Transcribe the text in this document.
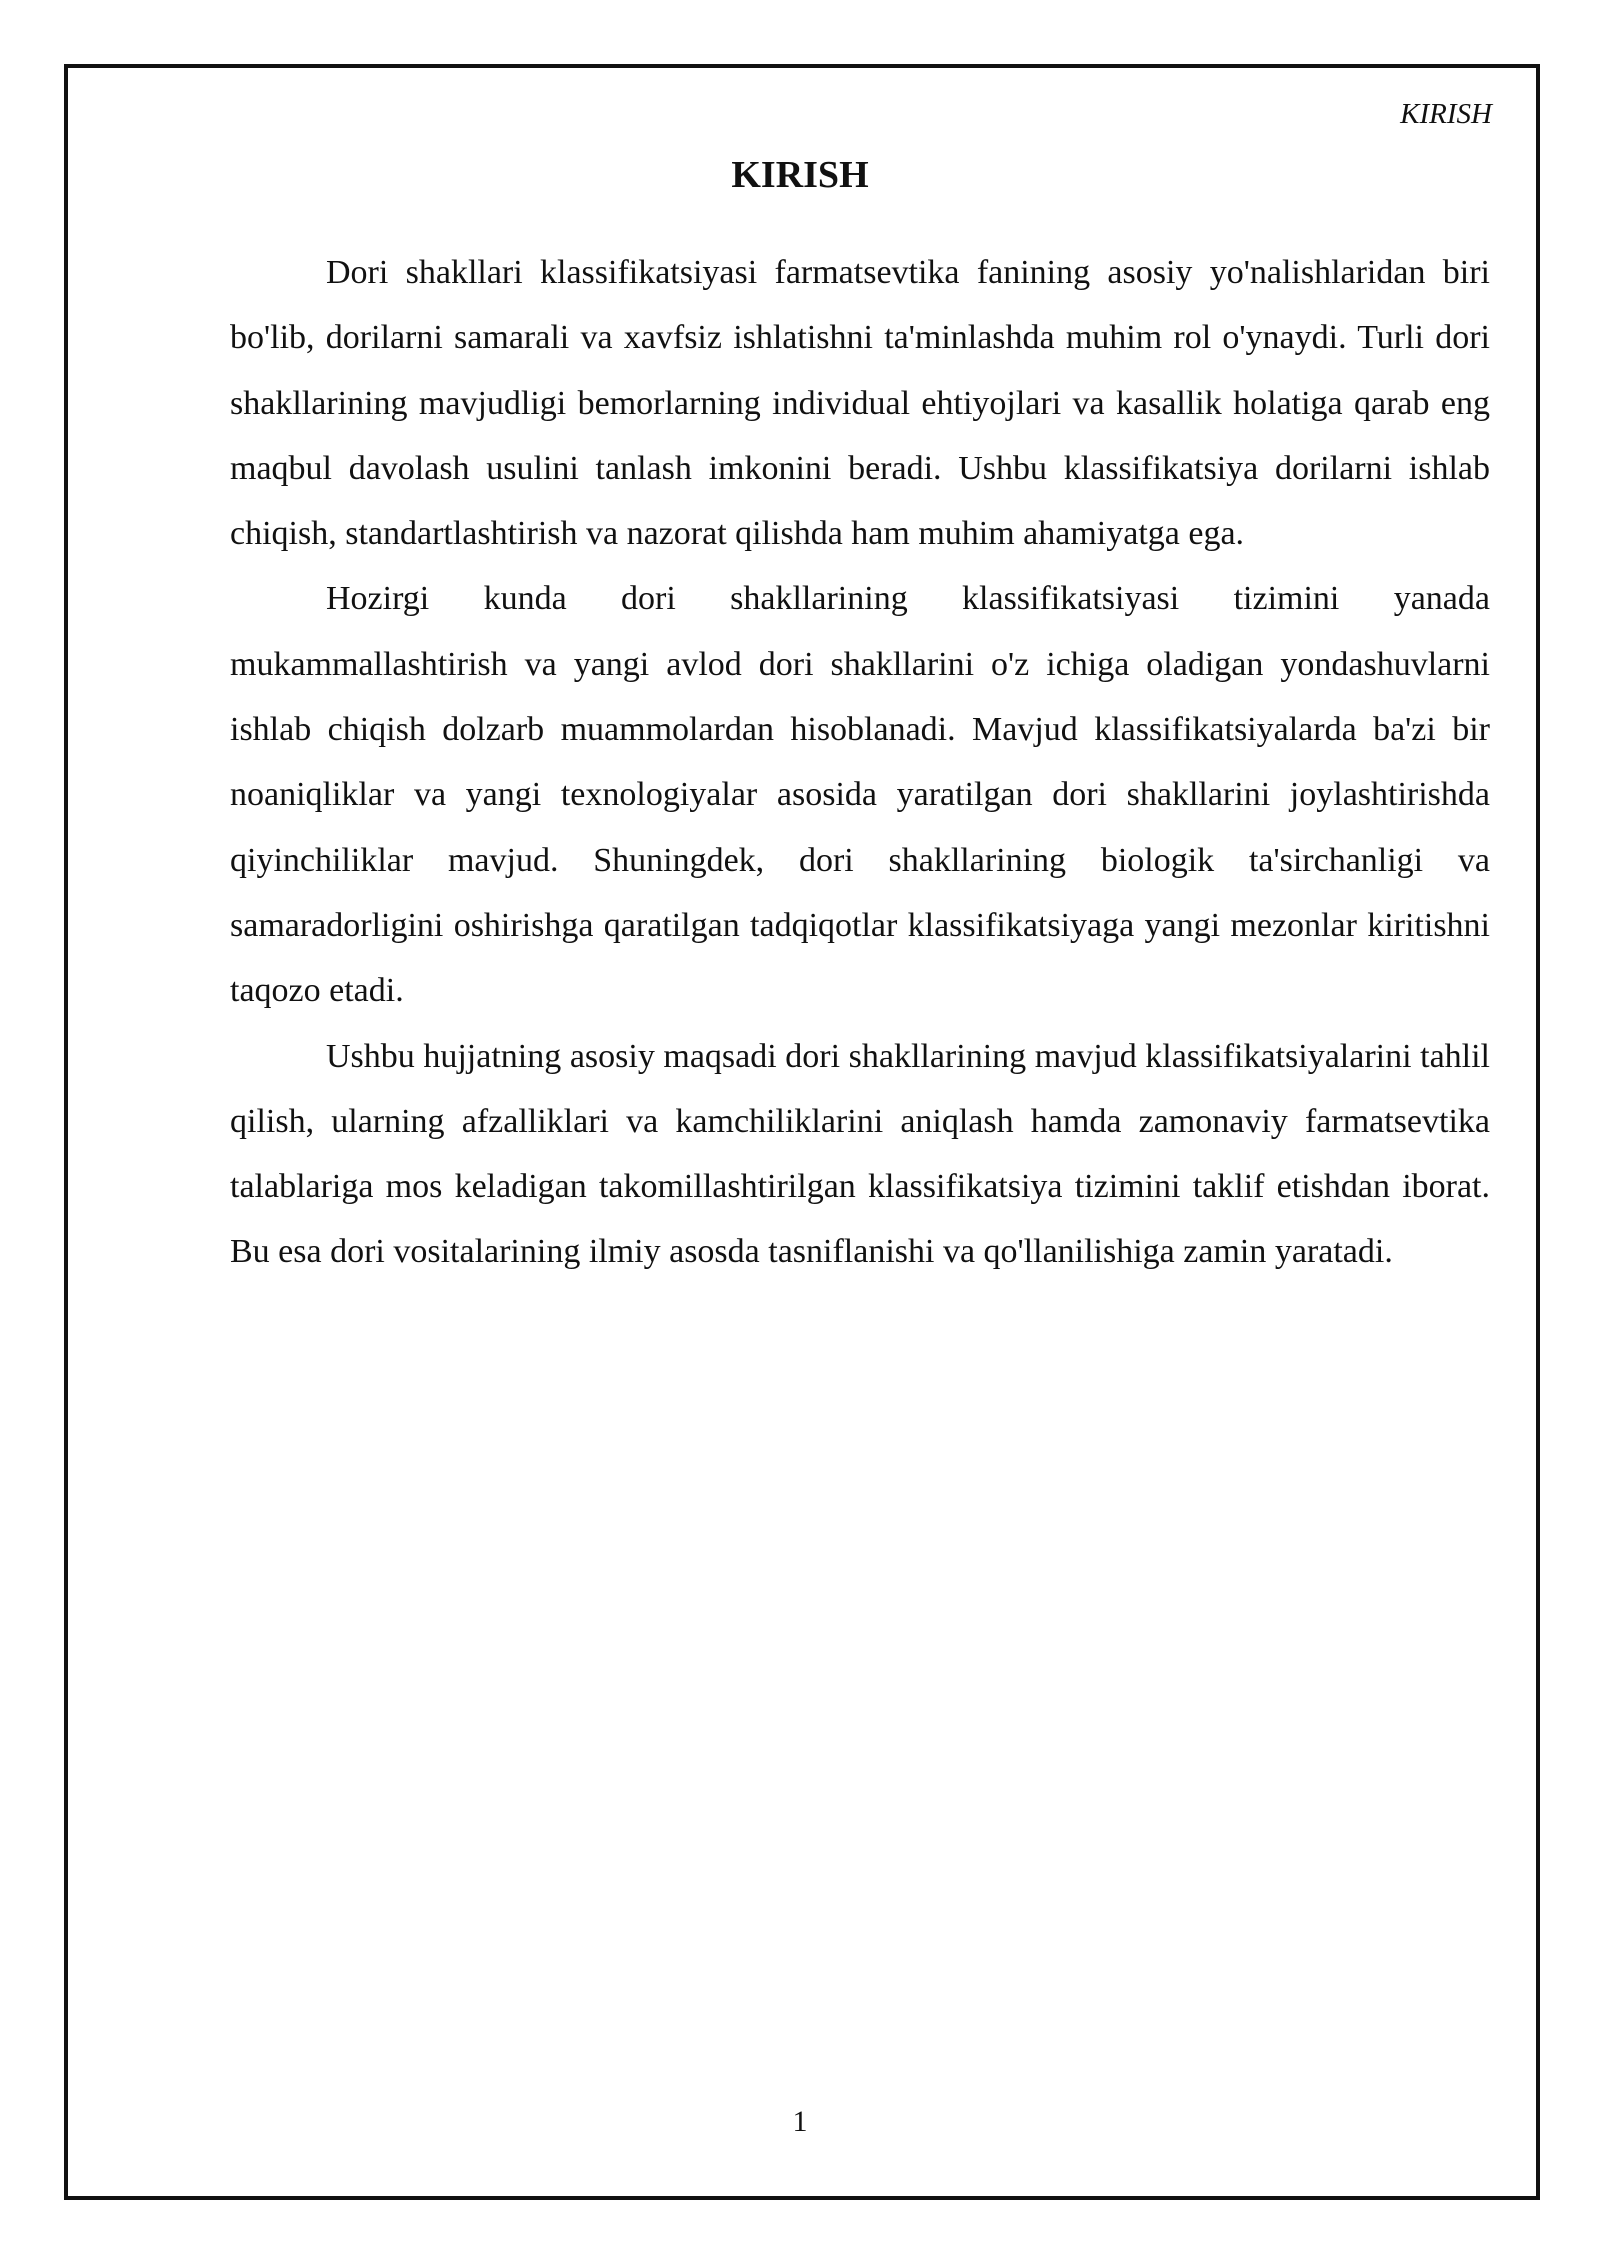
KIRISH
KIRISH

Dori shakllari klassifikatsiyasi farmatsevtika fanining asosiy yo'nalishlaridan biri bo'lib, dorilarni samarali va xavfsiz ishlatishni ta'minlashda muhim rol o'ynaydi. Turli dori shakllarining mavjudligi bemorlarning individual ehtiyojlari va kasallik holatiga qarab eng maqbul davolash usulini tanlash imkonini beradi. Ushbu klassifikatsiya dorilarni ishlab chiqish, standartlashtirish va nazorat qilishda ham muhim ahamiyatga ega.

Hozirgi kunda dori shakllarining klassifikatsiyasi tizimini yanada mukammallashtirish va yangi avlod dori shakllarini o'z ichiga oladigan yondashuvlarni ishlab chiqish dolzarb muammolardan hisoblanadi. Mavjud klassifikatsiyalarda ba'zi bir noaniqliklar va yangi texnologiyalar asosida yaratilgan dori shakllarini joylashtirishda qiyinchiliklar mavjud. Shuningdek, dori shakllarining biologik ta'sirchanligi va samaradorligini oshirishga qaratilgan tadqiqotlar klassifikatsiyaga yangi mezonlar kiritishni taqozo etadi.

Ushbu hujjatning asosiy maqsadi dori shakllarining mavjud klassifikatsiyalarini tahlil qilish, ularning afzalliklari va kamchiliklarini aniqlash hamda zamonaviy farmatsevtika talablariga mos keladigan takomillashtirilgan klassifikatsiya tizimini taklif etishdan iborat. Bu esa dori vositalarining ilmiy asosda tasniflanishi va qo'llanilishiga zamin yaratadi.

1
